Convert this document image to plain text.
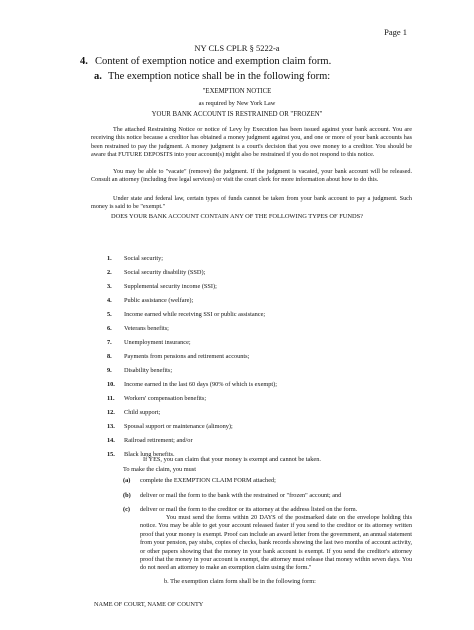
Page 1
NY CLS CPLR § 5222-a
4. Content of exemption notice and exemption claim form.
a. The exemption notice shall be in the following form:
"EXEMPTION NOTICE
as required by New York Law
YOUR BANK ACCOUNT IS RESTRAINED OR "FROZEN"

The attached Restraining Notice or notice of Levy by Execution has been issued against your bank account. You are receiving this notice because a creditor has obtained a money judgment against you, and one or more of your bank accounts has been restrained to pay the judgment. A money judgment is a court's decision that you owe money to a creditor. You should be aware that FUTURE DEPOSITS into your account(s) might also be restrained if you do not respond to this notice.

You may be able to "vacate" (remove) the judgment. If the judgment is vacated, your bank account will be released. Consult an attorney (including free legal services) or visit the court clerk for more information about how to do this.

Under state and federal law, certain types of funds cannot be taken from your bank account to pay a judgment. Such money is said to be "exempt."

DOES YOUR BANK ACCOUNT CONTAIN ANY OF THE FOLLOWING TYPES OF FUNDS?
1. Social security;
2. Social security disability (SSD);
3. Supplemental security income (SSI);
4. Public assistance (welfare);
5. Income earned while receiving SSI or public assistance;
6. Veterans benefits;
7. Unemployment insurance;
8. Payments from pensions and retirement accounts;
9. Disability benefits;
10. Income earned in the last 60 days (90% of which is exempt);
11. Workers' compensation benefits;
12. Child support;
13. Spousal support or maintenance (alimony);
14. Railroad retirement; and/or
15. Black lung benefits.
If YES, you can claim that your money is exempt and cannot be taken.
To make the claim, you must
(a) complete the EXEMPTION CLAIM FORM attached;
(b) deliver or mail the form to the bank with the restrained or "frozen" account; and
(c) deliver or mail the form to the creditor or its attorney at the address listed on the form.

You must send the forms within 20 DAYS of the postmarked date on the envelope holding this notice. You may be able to get your account released faster if you send to the creditor or its attorney written proof that your money is exempt. Proof can include an award letter from the government, an annual statement from your pension, pay stubs, copies of checks, bank records showing the last two months of account activity, or other papers showing that the money in your bank account is exempt. If you send the creditor's attorney proof that the money in your account is exempt, the attorney must release that money within seven days. You do not need an attorney to make an exemption claim using the form."

b. The exemption claim form shall be in the following form:
NAME OF COURT, NAME OF COUNTY
